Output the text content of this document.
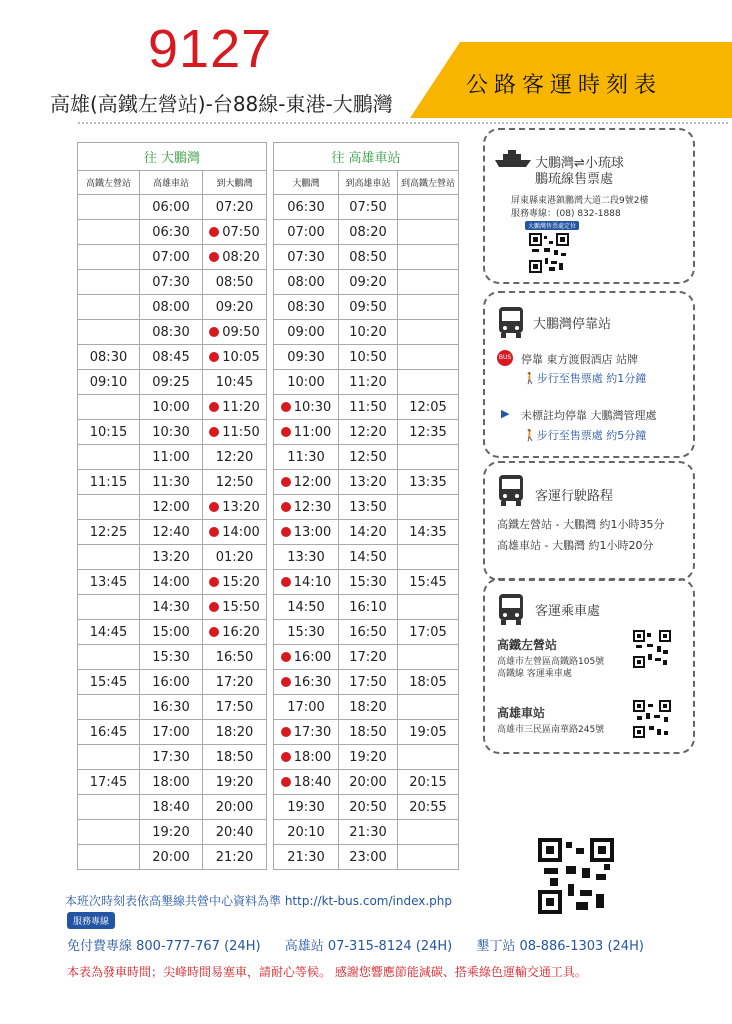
9127
高雄(高鐵左營站)-台88線-東港-大鵬灣
公路客運時刻表
往 大鵬灣				往 高雄車站		
高鐵左營站	高雄車站	到大鵬灣		大鵬灣	到高雄車站	到高鐵左營站
	06:00	07:20		06:30	07:50	
	06:30	07:50		07:00	08:20	
	07:00	08:20		07:30	08:50	
	07:30	08:50		08:00	09:20	
	08:00	09:20		08:30	09:50	
	08:30	09:50		09:00	10:20	
08:30	08:45	10:05		09:30	10:50	
09:10	09:25	10:45		10:00	11:20	
	10:00	11:20		10:30	11:50	12:05
10:15	10:30	11:50		11:00	12:20	12:35
	11:00	12:20		11:30	12:50	
11:15	11:30	12:50		12:00	13:20	13:35
	12:00	13:20		12:30	13:50	
12:25	12:40	14:00		13:00	14:20	14:35
	13:20	01:20		13:30	14:50	
13:45	14:00	15:20		14:10	15:30	15:45
	14:30	15:50		14:50	16:10	
14:45	15:00	16:20		15:30	16:50	17:05
	15:30	16:50		16:00	17:20	
15:45	16:00	17:20		16:30	17:50	18:05
	16:30	17:50		17:00	18:20	
16:45	17:00	18:20		17:30	18:50	19:05
	17:30	18:50		18:00	19:20	
17:45	18:00	19:20		18:40	20:00	20:15
	18:40	20:00		19:30	20:50	20:55
	19:20	20:40		20:10	21:30	
	20:00	21:20		21:30	23:00	
大鵬灣⇌小琉球
鵬琉線售票處
屏東縣東港鎮鵬灣大道二段9號2樓
服務專線：(08) 832-1888
大鵬灣售票處定位
大鵬灣停靠站
BUS 停靠 東方渡假酒店 站牌
🚶步行至售票處 約1分鐘
▶ 未標註均停靠 大鵬灣管理處
🚶步行至售票處 約5分鐘
客運行駛路程
高鐵左營站 - 大鵬灣 約1小時35分
高雄車站 - 大鵬灣 約1小時20分
客運乘車處
高鐵左營站
高雄市左營區高鐵路105號
高鐵線 客運乘車處
高雄車站
高雄市三民區南華路245號
本班次時刻表依高墾線共營中心資料為準 http://kt-bus.com/index.php
服務專線
免付費專線 800-777-767 (24H) 高雄站 07-315-8124 (24H) 墾丁站 08-886-1303 (24H)
本表為發車時間；尖峰時間易塞車，請耐心等候。 感謝您響應節能減碳、搭乘綠色運輸交通工具。
